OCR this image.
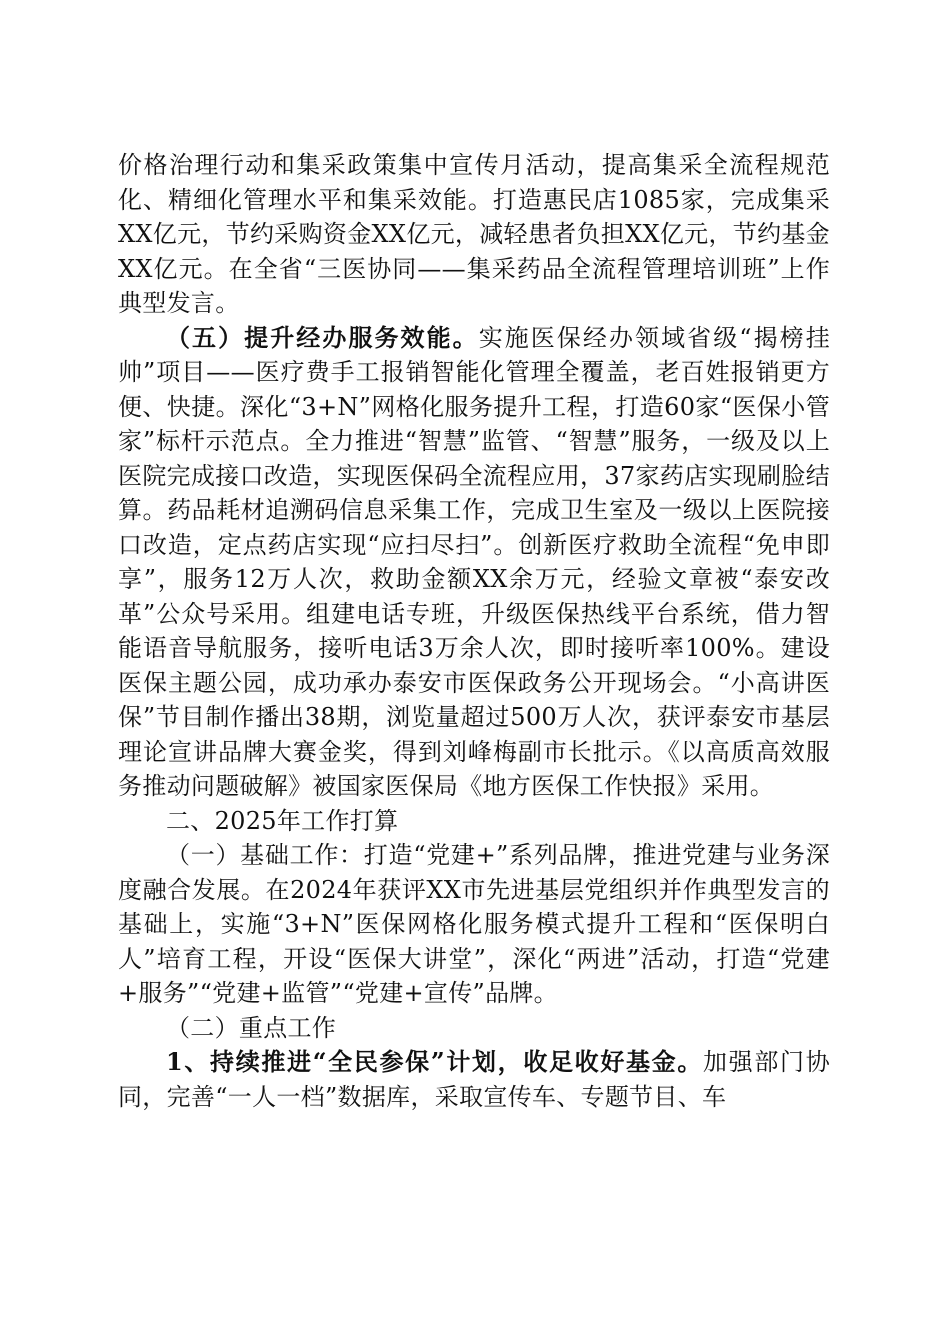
价格治理行动和集采政策集中宣传月活动，提高集采全流程规范化、精细化管理水平和集采效能。打造惠民店1085家，完成集采XX亿元，节约采购资金XX亿元，减轻患者负担XX亿元，节约基金XX亿元。在全省“三医协同——集采药品全流程管理培训班”上作典型发言。

（五）提升经办服务效能。实施医保经办领域省级“揭榜挂帅”项目——医疗费手工报销智能化管理全覆盖，老百姓报销更方便、快捷。深化“3+N”网格化服务提升工程，打造60家“医保小管家”标杆示范点。全力推进“智慧”监管、“智慧”服务，一级及以上医院完成接口改造，实现医保码全流程应用，37家药店实现刷脸结算。药品耗材追溯码信息采集工作，完成卫生室及一级以上医院接口改造，定点药店实现“应扫尽扫”。创新医疗救助全流程“免申即享”，服务12万人次，救助金额XX余万元，经验文章被“泰安改革”公众号采用。组建电话专班，升级医保热线平台系统，借力智能语音导航服务，接听电话3万余人次，即时接听率100%。建设医保主题公园，成功承办泰安市医保政务公开现场会。“小高讲医保”节目制作播出38期，浏览量超过500万人次，获评泰安市基层理论宣讲品牌大赛金奖，得到刘峰梅副市长批示。《以高质高效服务推动问题破解》被国家医保局《地方医保工作快报》采用。

二、2025年工作打算

（一）基础工作：打造“党建+”系列品牌，推进党建与业务深度融合发展。在2024年获评XX市先进基层党组织并作典型发言的基础上，实施“3+N”医保网格化服务模式提升工程和“医保明白人”培育工程，开设“医保大讲堂”，深化“两进”活动，打造“党建+服务”“党建+监管”“党建+宣传”品牌。

（二）重点工作

1、持续推进“全民参保”计划，收足收好基金。加强部门协同，完善“一人一档”数据库，采取宣传车、专题节目、车
